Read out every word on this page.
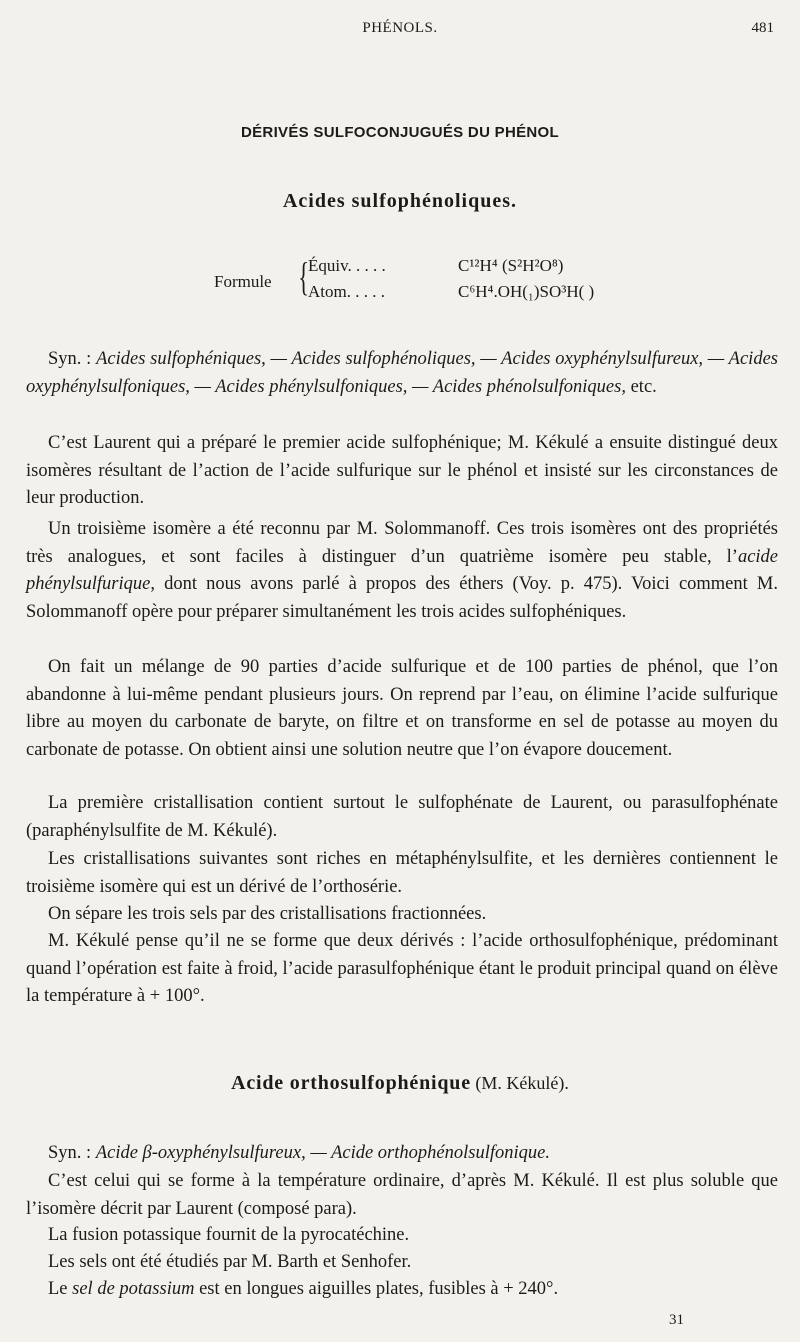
PHÉNOLS.	481
DÉRIVÉS SULFOCONJUGUÉS DU PHÉNOL
Acides sulfophénoliques.
Formule { Équiv. . . . .	C¹²H⁴ (S²H²O⁸)
Atom. . . . .	C⁶H⁴.OH(₁)SO³H( )

Syn. : Acides sulfophéniques, — Acides sulfophénoliques, — Acides oxyphénylsulfureux, — Acides oxyphénylsulfoniques, — Acides phénylsulfoniques, — Acides phénolsulfoniques, etc.

C’est Laurent qui a préparé le premier acide sulfophénique; M. Kékulé a ensuite distingué deux isomères résultant de l’action de l’acide sulfurique sur le phénol et insisté sur les circonstances de leur production.

Un troisième isomère a été reconnu par M. Solommanoff. Ces trois isomères ont des propriétés très analogues, et sont faciles à distinguer d’un quatrième isomère peu stable, l’acide phénylsulfurique, dont nous avons parlé à propos des éthers (Voy. p. 475). Voici comment M. Solommanoff opère pour préparer simultanément les trois acides sulfophéniques.

On fait un mélange de 90 parties d’acide sulfurique et de 100 parties de phénol, que l’on abandonne à lui-même pendant plusieurs jours. On reprend par l’eau, on élimine l’acide sulfurique libre au moyen du carbonate de baryte, on filtre et on transforme en sel de potasse au moyen du carbonate de potasse. On obtient ainsi une solution neutre que l’on évapore doucement.

La première cristallisation contient surtout le sulfophénate de Laurent, ou parasulfophénate (paraphénylsulfite de M. Kékulé).

Les cristallisations suivantes sont riches en métaphénylsulfite, et les dernières contiennent le troisième isomère qui est un dérivé de l’orthosérie.

On sépare les trois sels par des cristallisations fractionnées.

M. Kékulé pense qu’il ne se forme que deux dérivés : l’acide orthosulfophénique, prédominant quand l’opération est faite à froid, l’acide parasulfophénique étant le produit principal quand on élève la température à + 100°.

Acide orthosulfophénique (M. Kékulé).

Syn. : Acide β-oxyphénylsulfureux, — Acide orthophénolsulfonique.

C’est celui qui se forme à la température ordinaire, d’après M. Kékulé. Il est plus soluble que l’isomère décrit par Laurent (composé para).

La fusion potassique fournit de la pyrocatéchine.

Les sels ont été étudiés par M. Barth et Senhofer.

Le sel de potassium est en longues aiguilles plates, fusibles à + 240°.

31
